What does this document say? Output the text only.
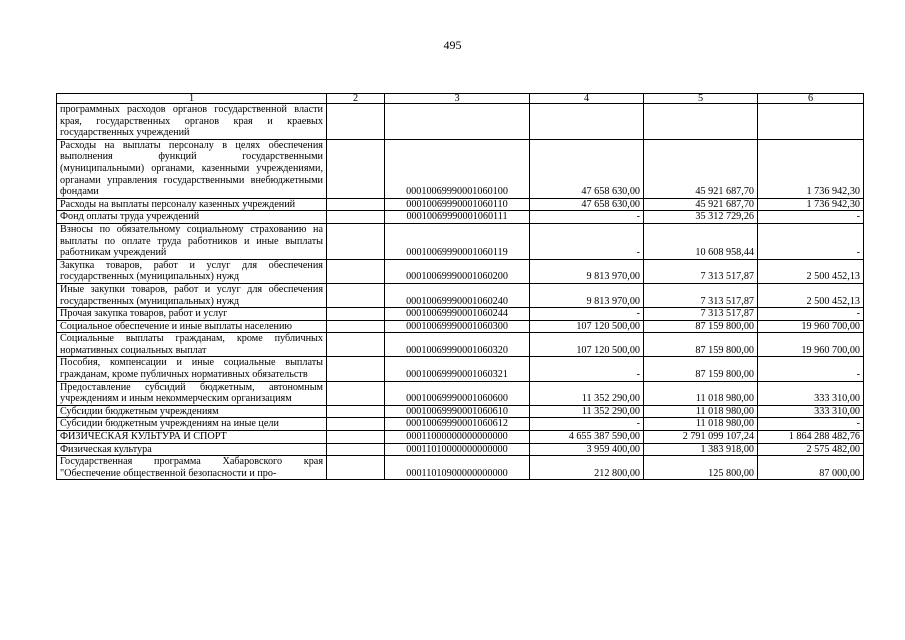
495
1	2	3	4	5	6
программных расходов органов государственной власти края, государственных органов края и краевых государственных учреждений					
Расходы на выплаты персоналу в целях обеспечения выполнения функций государственными (муниципальными) органами, казенными учреждениями, органами управления государственными внебюджетными фондами		00010069990001060100	47 658 630,00	45 921 687,70	1 736 942,30
Расходы на выплаты персоналу казенных учреждений		00010069990001060110	47 658 630,00	45 921 687,70	1 736 942,30
Фонд оплаты труда учреждений		00010069990001060111	-	35 312 729,26	-
Взносы по обязательному социальному страхованию на выплаты по оплате труда работников и иные выплаты работникам учреждений		00010069990001060119	-	10 608 958,44	-
Закупка товаров, работ и услуг для обеспечения государственных (муниципальных) нужд		00010069990001060200	9 813 970,00	7 313 517,87	2 500 452,13
Иные закупки товаров, работ и услуг для обеспечения государственных (муниципальных) нужд		00010069990001060240	9 813 970,00	7 313 517,87	2 500 452,13
Прочая закупка товаров, работ и услуг		00010069990001060244	-	7 313 517,87	-
Социальное обеспечение и иные выплаты населению		00010069990001060300	107 120 500,00	87 159 800,00	19 960 700,00
Социальные выплаты гражданам, кроме публичных нормативных социальных выплат		00010069990001060320	107 120 500,00	87 159 800,00	19 960 700,00
Пособия, компенсации и иные социальные выплаты гражданам, кроме публичных нормативных обязательств		00010069990001060321	-	87 159 800,00	-
Предоставление субсидий бюджетным, автономным учреждениям и иным некоммерческим организациям		00010069990001060600	11 352 290,00	11 018 980,00	333 310,00
Субсидии бюджетным учреждениям		00010069990001060610	11 352 290,00	11 018 980,00	333 310,00
Субсидии бюджетным учреждениям на иные цели		00010069990001060612	-	11 018 980,00	-
ФИЗИЧЕСКАЯ КУЛЬТУРА И СПОРТ		00011000000000000000	4 655 387 590,00	2 791 099 107,24	1 864 288 482,76
Физическая культура		00011010000000000000	3 959 400,00	1 383 918,00	2 575 482,00
Государственная программа Хабаровского края "Обеспечение общественной безопасности и про-		00011010900000000000	212 800,00	125 800,00	87 000,00
